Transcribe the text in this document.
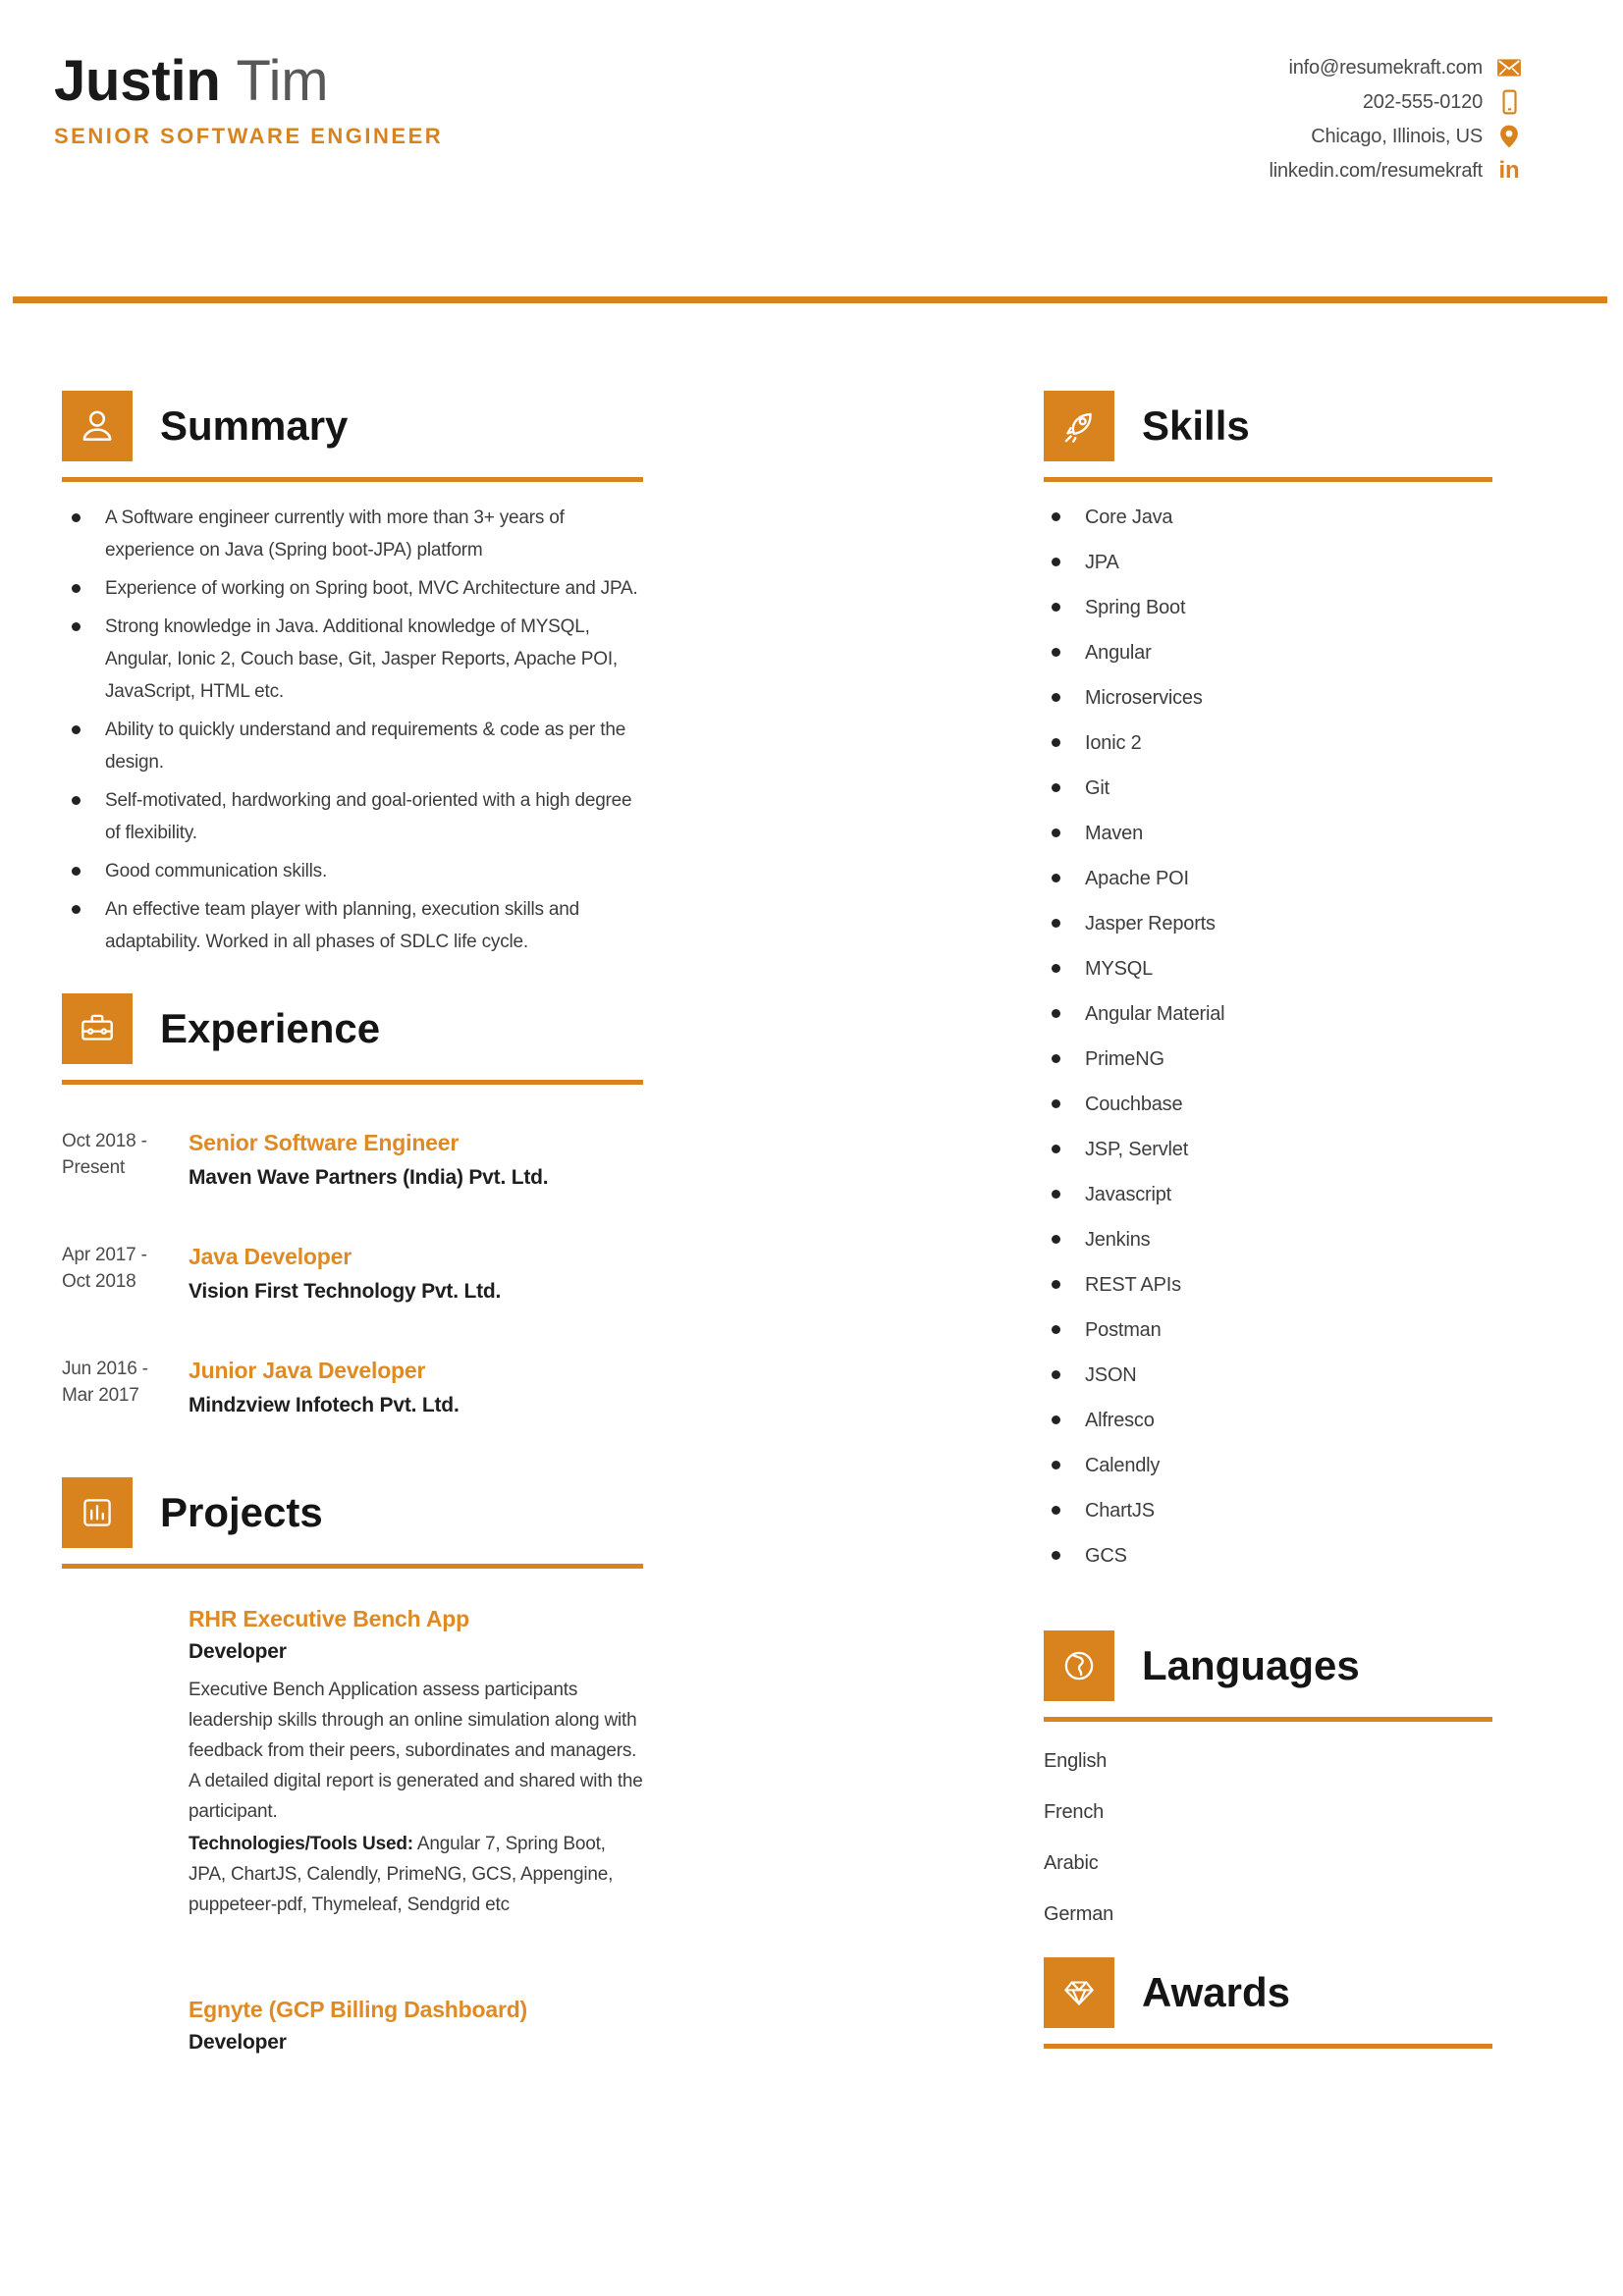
Justin Tim
SENIOR SOFTWARE ENGINEER
info@resumekraft.com
202-555-0120
Chicago, Illinois, US
linkedin.com/resumekraft in
Summary
A Software engineer currently with more than 3+ years of experience on Java (Spring boot-JPA) platform
Experience of working on Spring boot, MVC Architecture and JPA.
Strong knowledge in Java. Additional knowledge of MYSQL, Angular, Ionic 2, Couch base, Git, Jasper Reports, Apache POI, JavaScript, HTML etc.
Ability to quickly understand and requirements & code as per the design.
Self-motivated, hardworking and goal-oriented with a high degree of flexibility.
Good communication skills.
An effective team player with planning, execution skills and adaptability. Worked in all phases of SDLC life cycle.
Experience
Oct 2018 -
Present
Senior Software Engineer
Maven Wave Partners (India) Pvt. Ltd.
Apr 2017 -
Oct 2018
Java Developer
Vision First Technology Pvt. Ltd.
Jun 2016 -
Mar 2017
Junior Java Developer
Mindzview Infotech Pvt. Ltd.
Projects
RHR Executive Bench App
Developer
Executive Bench Application assess participants leadership skills through an online simulation along with feedback from their peers, subordinates and managers. A detailed digital report is generated and shared with the participant.
Technologies/Tools Used: Angular 7, Spring Boot, JPA, ChartJS, Calendly, PrimeNG, GCS, Appengine, puppeteer-pdf, Thymeleaf, Sendgrid etc
Egnyte (GCP Billing Dashboard)
Developer
Skills
Core Java
JPA
Spring Boot
Angular
Microservices
Ionic 2
Git
Maven
Apache POI
Jasper Reports
MYSQL
Angular Material
PrimeNG
Couchbase
JSP, Servlet
Javascript
Jenkins
REST APIs
Postman
JSON
Alfresco
Calendly
ChartJS
GCS
Languages
English
French
Arabic
German
Awards
